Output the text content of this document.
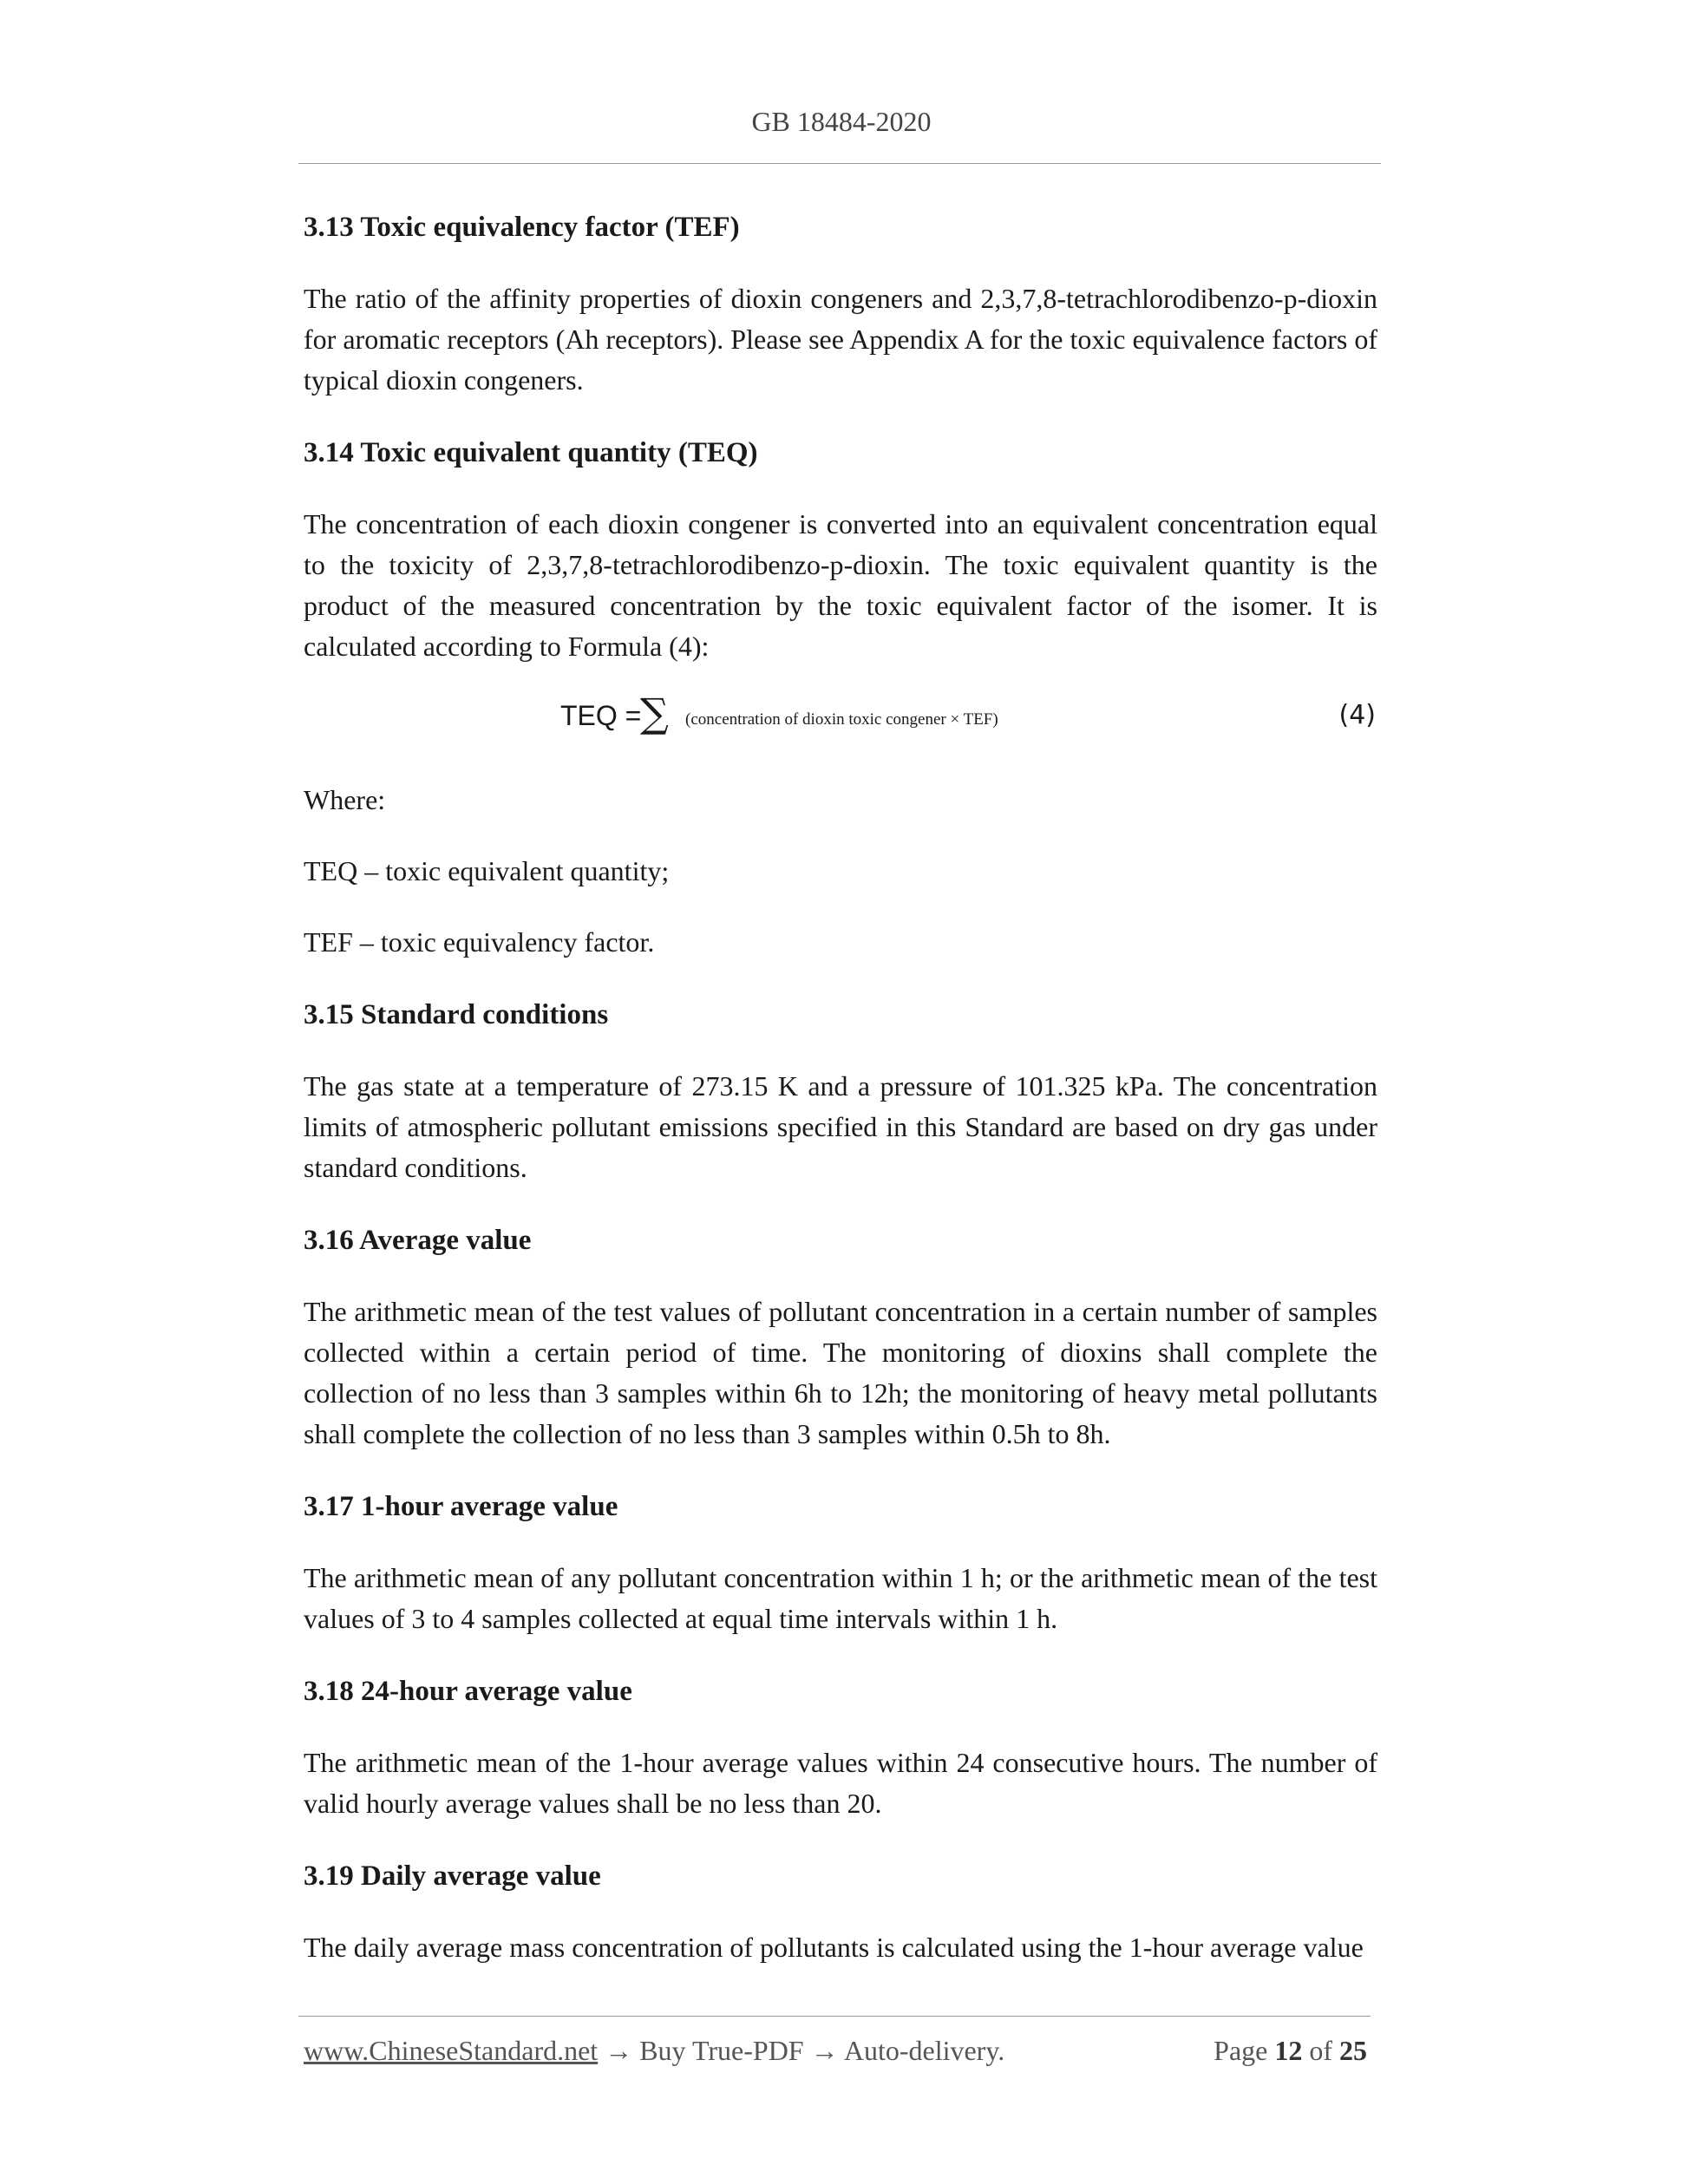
GB 18484-2020
3.13 Toxic equivalency factor (TEF)

The ratio of the affinity properties of dioxin congeners and 2,3,7,8-tetrachlorodibenzo-p-dioxin for aromatic receptors (Ah receptors). Please see Appendix A for the toxic equivalence factors of typical dioxin congeners.

3.14 Toxic equivalent quantity (TEQ)

The concentration of each dioxin congener is converted into an equivalent concentration equal to the toxicity of 2,3,7,8-tetrachlorodibenzo-p-dioxin. The toxic equivalent quantity is the product of the measured concentration by the toxic equivalent factor of the isomer. It is calculated according to Formula (4):

TEQ =
∑ (concentration of dioxin toxic congener × TEF)	(4)

Where:

TEQ – toxic equivalent quantity;

TEF – toxic equivalency factor.

3.15 Standard conditions

The gas state at a temperature of 273.15 K and a pressure of 101.325 kPa. The concentration limits of atmospheric pollutant emissions specified in this Standard are based on dry gas under standard conditions.

3.16 Average value

The arithmetic mean of the test values of pollutant concentration in a certain number of samples collected within a certain period of time. The monitoring of dioxins shall complete the collection of no less than 3 samples within 6h to 12h; the monitoring of heavy metal pollutants shall complete the collection of no less than 3 samples within 0.5h to 8h.

3.17 1-hour average value

The arithmetic mean of any pollutant concentration within 1 h; or the arithmetic mean of the test values of 3 to 4 samples collected at equal time intervals within 1 h.

3.18 24-hour average value

The arithmetic mean of the 1-hour average values within 24 consecutive hours. The number of valid hourly average values shall be no less than 20.

3.19 Daily average value

The daily average mass concentration of pollutants is calculated using the 1-hour average value

www.ChineseStandard.net → Buy True-PDF → Auto-delivery.	Page 12 of 25
